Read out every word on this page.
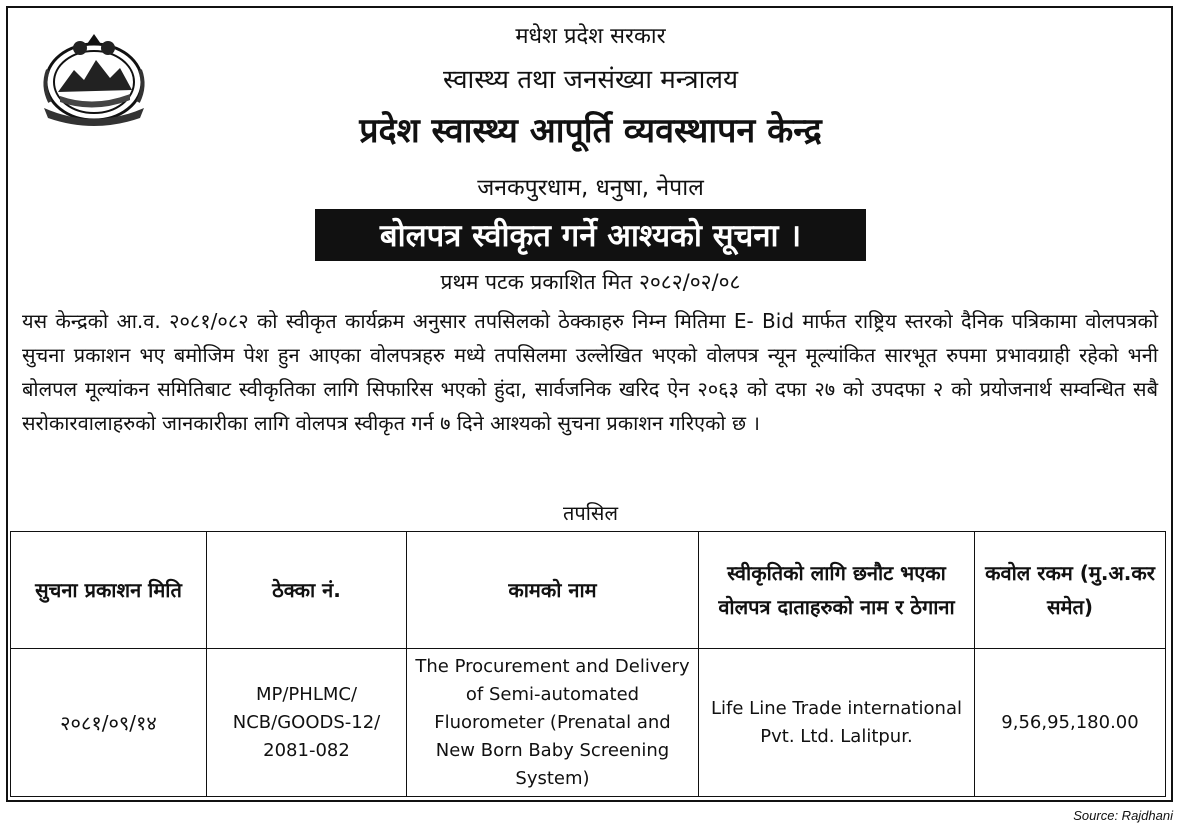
मधेश प्रदेश सरकार
स्वास्थ्य तथा जनसंख्या मन्त्रालय
प्रदेश स्वास्थ्य आपूर्ति व्यवस्थापन केन्द्र
जनकपुरधाम, धनुषा, नेपाल
बोलपत्र स्वीकृत गर्ने आश्यको सूचना ।
प्रथम पटक प्रकाशित मित २०८२/०२/०८
यस केन्द्रको आ.व. २०८१/०८२ को स्वीकृत कार्यक्रम अनुसार तपसिलको ठेक्काहरु निम्न मितिमा E- Bid मार्फत राष्ट्रिय स्तरको दैनिक पत्रिकामा वोलपत्रको सुचना प्रकाशन भए बमोजिम पेश हुन आएका वोलपत्रहरु मध्ये तपसिलमा उल्लेखित भएको वोलपत्र न्यून मूल्यांकित सारभूत रुपमा प्रभावग्राही रहेको भनी बोलपल मूल्यांकन समितिबाट स्वीकृतिका लागि सिफारिस भएको हुंदा, सार्वजनिक खरिद ऐन २०६३ को दफा २७ को उपदफा २ को प्रयोजनार्थ सम्वन्धित सबै सरोकारवालाहरुको जानकारीका लागि वोलपत्र स्वीकृत गर्न ७ दिने आश्यको सुचना प्रकाशन गरिएको छ ।
तपसिल
सुचना प्रकाशन मिति	ठेक्का नं.	कामको नाम	स्वीकृतिको लागि छनौट भएका वोलपत्र दाताहरुको नाम र ठेगाना	कवोल रकम (मु.अ.कर समेत)
२०८१/०९/१४	MP/PHLMC/ NCB/GOODS-12/ 2081-082	The Procurement and Delivery of Semi-automated Fluorometer (Prenatal and New Born Baby Screening System)	Life Line Trade international Pvt. Ltd. Lalitpur.	9,56,95,180.00
Source: Rajdhani
